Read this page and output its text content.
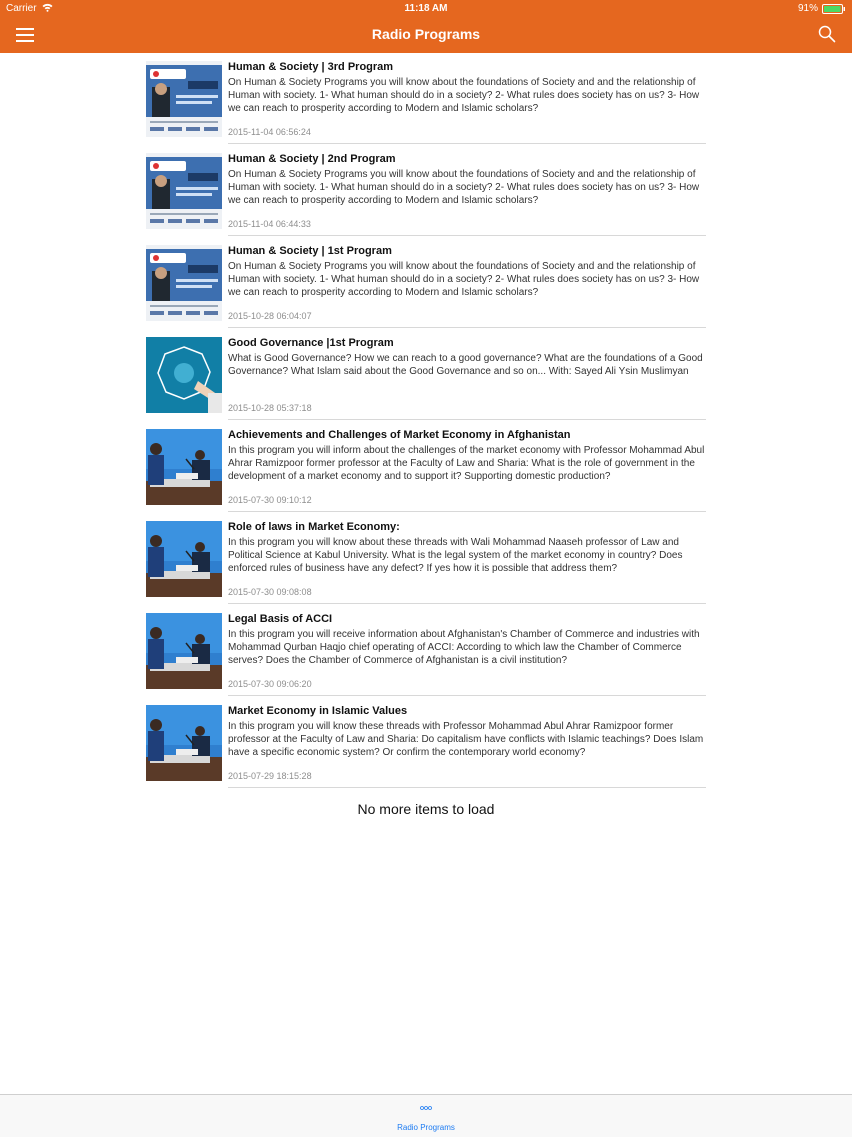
Carrier	11:18 AM	91%
Radio Programs
Human & Society | 3rd Program
On Human & Society Programs you will know about the foundations of Society and and the relationship of Human with society. 1- What human should do in a society? 2- What rules does society has on us? 3- How we can reach to prosperity according to Modern and Islamic scholars?
2015-11-04 06:56:24
Human & Society | 2nd Program
On Human & Society Programs you will know about the foundations of Society and and the relationship of Human with society. 1- What human should do in a society? 2- What rules does society has on us? 3- How we can reach to prosperity according to Modern and Islamic scholars?
2015-11-04 06:44:33
Human & Society | 1st Program
On Human & Society Programs you will know about the foundations of Society and and the relationship of Human with society. 1- What human should do in a society? 2- What rules does society has on us? 3- How we can reach to prosperity according to Modern and Islamic scholars?
2015-10-28 06:04:07
Good Governance |1st Program
What is Good Governance? How we can reach to a good governance? What are the foundations of a Good Governance? What Islam said about the Good Governance and so on... With: Sayed Ali Ysin Muslimyan
2015-10-28 05:37:18
Achievements and Challenges of Market Economy in Afghanistan
In this program you will inform about the challenges of the market economy with Professor Mohammad Abul Ahrar Ramizpoor former professor at the Faculty of Law and Sharia: What is the role of government in the development of a market economy and to support it? Supporting domestic production?
2015-07-30 09:10:12
Role of laws in Market Economy:
In this program you will know about these threads with Wali Mohammad Naaseh professor of Law and Political Science at Kabul University. What is the legal system of the market economy in country? Does enforced rules of business have any defect? If yes how it is possible that address them?
2015-07-30 09:08:08
Legal Basis of ACCI
In this program you will receive information about Afghanistan's Chamber of Commerce and industries with Mohammad Qurban Haqjo chief operating of ACCI: According to which law the Chamber of Commerce serves? Does the Chamber of Commerce of Afghanistan is a civil institution?
2015-07-30 09:06:20
Market Economy in Islamic Values
In this program you will know these threads with Professor Mohammad Abul Ahrar Ramizpoor former professor at the Faculty of Law and Sharia: Do capitalism have conflicts with Islamic teachings? Does Islam have a specific economic system? Or confirm the contemporary world economy?
2015-07-29 18:15:28
No more items to load
Radio Programs
